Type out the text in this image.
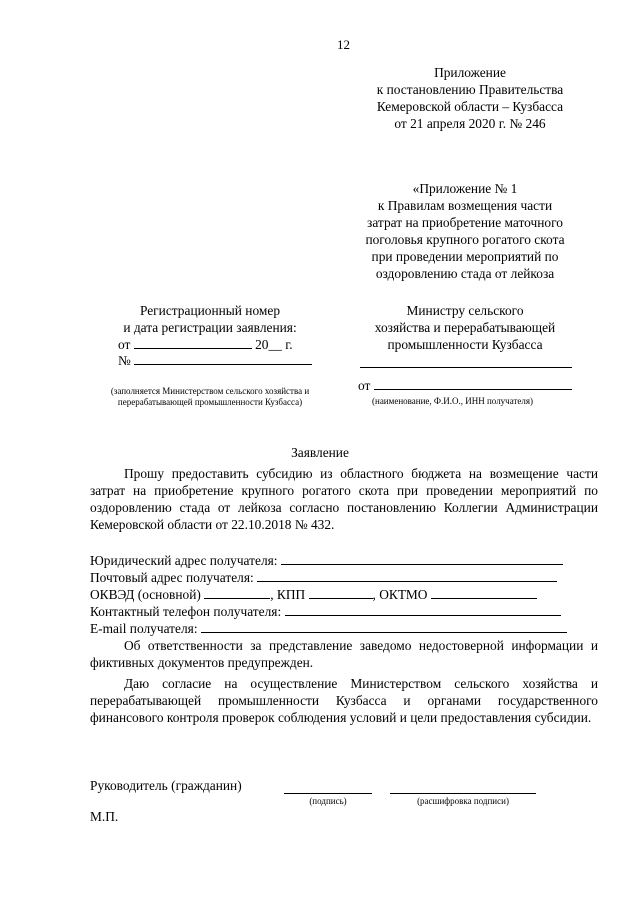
12
Приложение
к постановлению Правительства
Кемеровской области – Кузбасса
от 21 апреля 2020 г. № 246
«Приложение № 1
к Правилам возмещения части
затрат на приобретение маточного
поголовья крупного рогатого скота
при проведении мероприятий по
оздоровлению стада от лейкоза
Регистрационный номер
и дата регистрации заявления:
от	20__ г.
№
(заполняется Министерством сельского хозяйства и
перерабатывающей промышленности Кузбасса)
Министру сельского
хозяйства и перерабатывающей
промышленности Кузбасса
от
(наименование, Ф.И.О., ИНН получателя)
Заявление
Прошу предоставить субсидию из областного бюджета на возмещение части затрат на приобретение крупного рогатого скота при проведении мероприятий по оздоровлению стада от лейкоза согласно постановлению Коллегии Администрации Кемеровской области от 22.10.2018 № 432.
Юридический адрес получателя:
Почтовый адрес получателя:
ОКВЭД (основной)	, КПП	, ОКТМО
Контактный телефон получателя:
E-mail получателя:
Об ответственности за представление заведомо недостоверной информации и фиктивных документов предупрежден.
Даю согласие на осуществление Министерством сельского хозяйства и перерабатывающей промышленности Кузбасса и органами государственного финансового контроля проверок соблюдения условий и цели предоставления субсидии.
Руководитель (гражданин)
(подпись)	(расшифровка подписи)
М.П.
